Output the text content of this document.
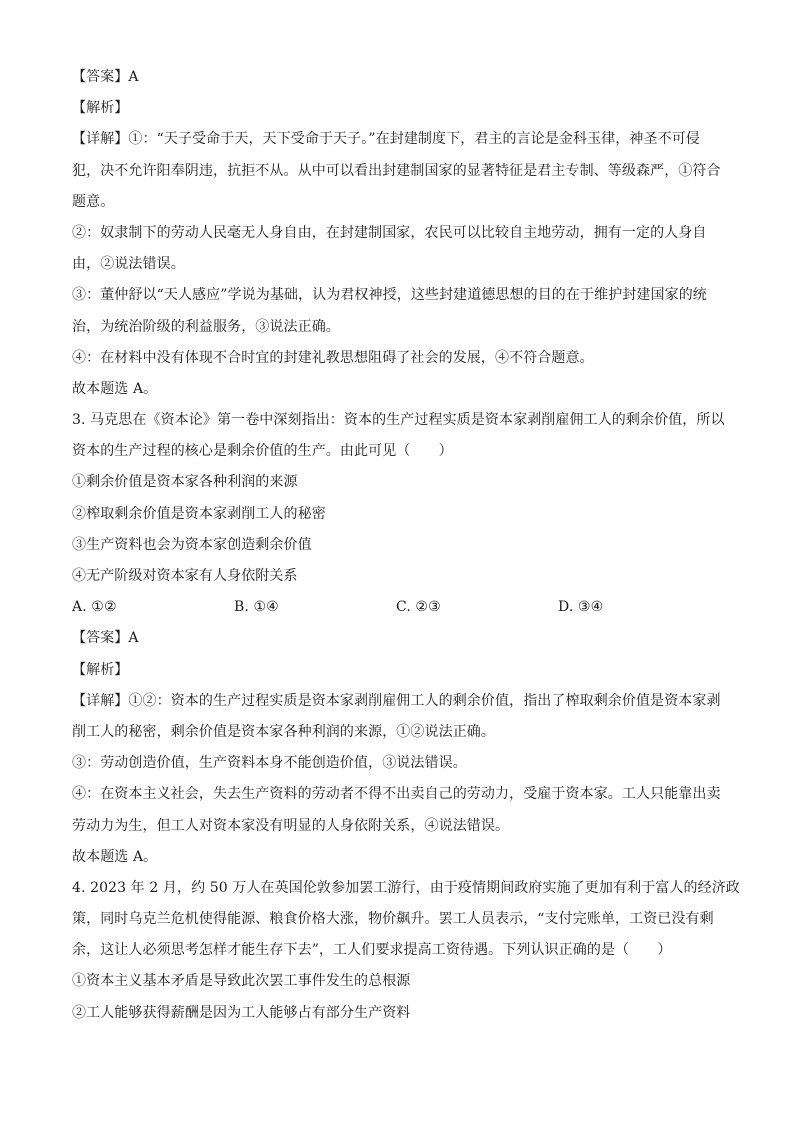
【答案】A
【解析】
【详解】①：“天子受命于天，天下受命于天子。”在封建制度下，君主的言论是金科玉律，神圣不可侵
犯，决不允许阳奉阴违，抗拒不从。从中可以看出封建制国家的显著特征是君主专制、等级森严，①符合
题意。
②：奴隶制下的劳动人民毫无人身自由，在封建制国家，农民可以比较自主地劳动，拥有一定的人身自
由，②说法错误。
③：董仲舒以“天人感应”学说为基础，认为君权神授，这些封建道德思想的目的在于维护封建国家的统
治，为统治阶级的利益服务，③说法正确。
④：在材料中没有体现不合时宜的封建礼教思想阻碍了社会的发展，④不符合题意。
故本题选 A。
3. 马克思在《资本论》第一卷中深刻指出：资本的生产过程实质是资本家剥削雇佣工人的剩余价值，所以
资本的生产过程的核心是剩余价值的生产。由此可见（　　）
①剩余价值是资本家各种利润的来源
②榨取剩余价值是资本家剥削工人的秘密
③生产资料也会为资本家创造剩余价值
④无产阶级对资本家有人身依附关系
A. ①②	B. ①④	C. ②③	D. ③④
【答案】A
【解析】
【详解】①②：资本的生产过程实质是资本家剥削雇佣工人的剩余价值，指出了榨取剩余价值是资本家剥
削工人的秘密，剩余价值是资本家各种利润的来源，①②说法正确。
③：劳动创造价值，生产资料本身不能创造价值，③说法错误。
④：在资本主义社会，失去生产资料的劳动者不得不出卖自己的劳动力，受雇于资本家。工人只能靠出卖
劳动力为生，但工人对资本家没有明显的人身依附关系，④说法错误。
故本题选 A。
4. 2023 年 2 月，约 50 万人在英国伦敦参加罢工游行，由于疫情期间政府实施了更加有利于富人的经济政
策，同时乌克兰危机使得能源、粮食价格大涨，物价飙升。罢工人员表示，“支付完账单，工资已没有剩
余，这让人必须思考怎样才能生存下去”，工人们要求提高工资待遇。下列认识正确的是（　　）
①资本主义基本矛盾是导致此次罢工事件发生的总根源
②工人能够获得薪酬是因为工人能够占有部分生产资料
